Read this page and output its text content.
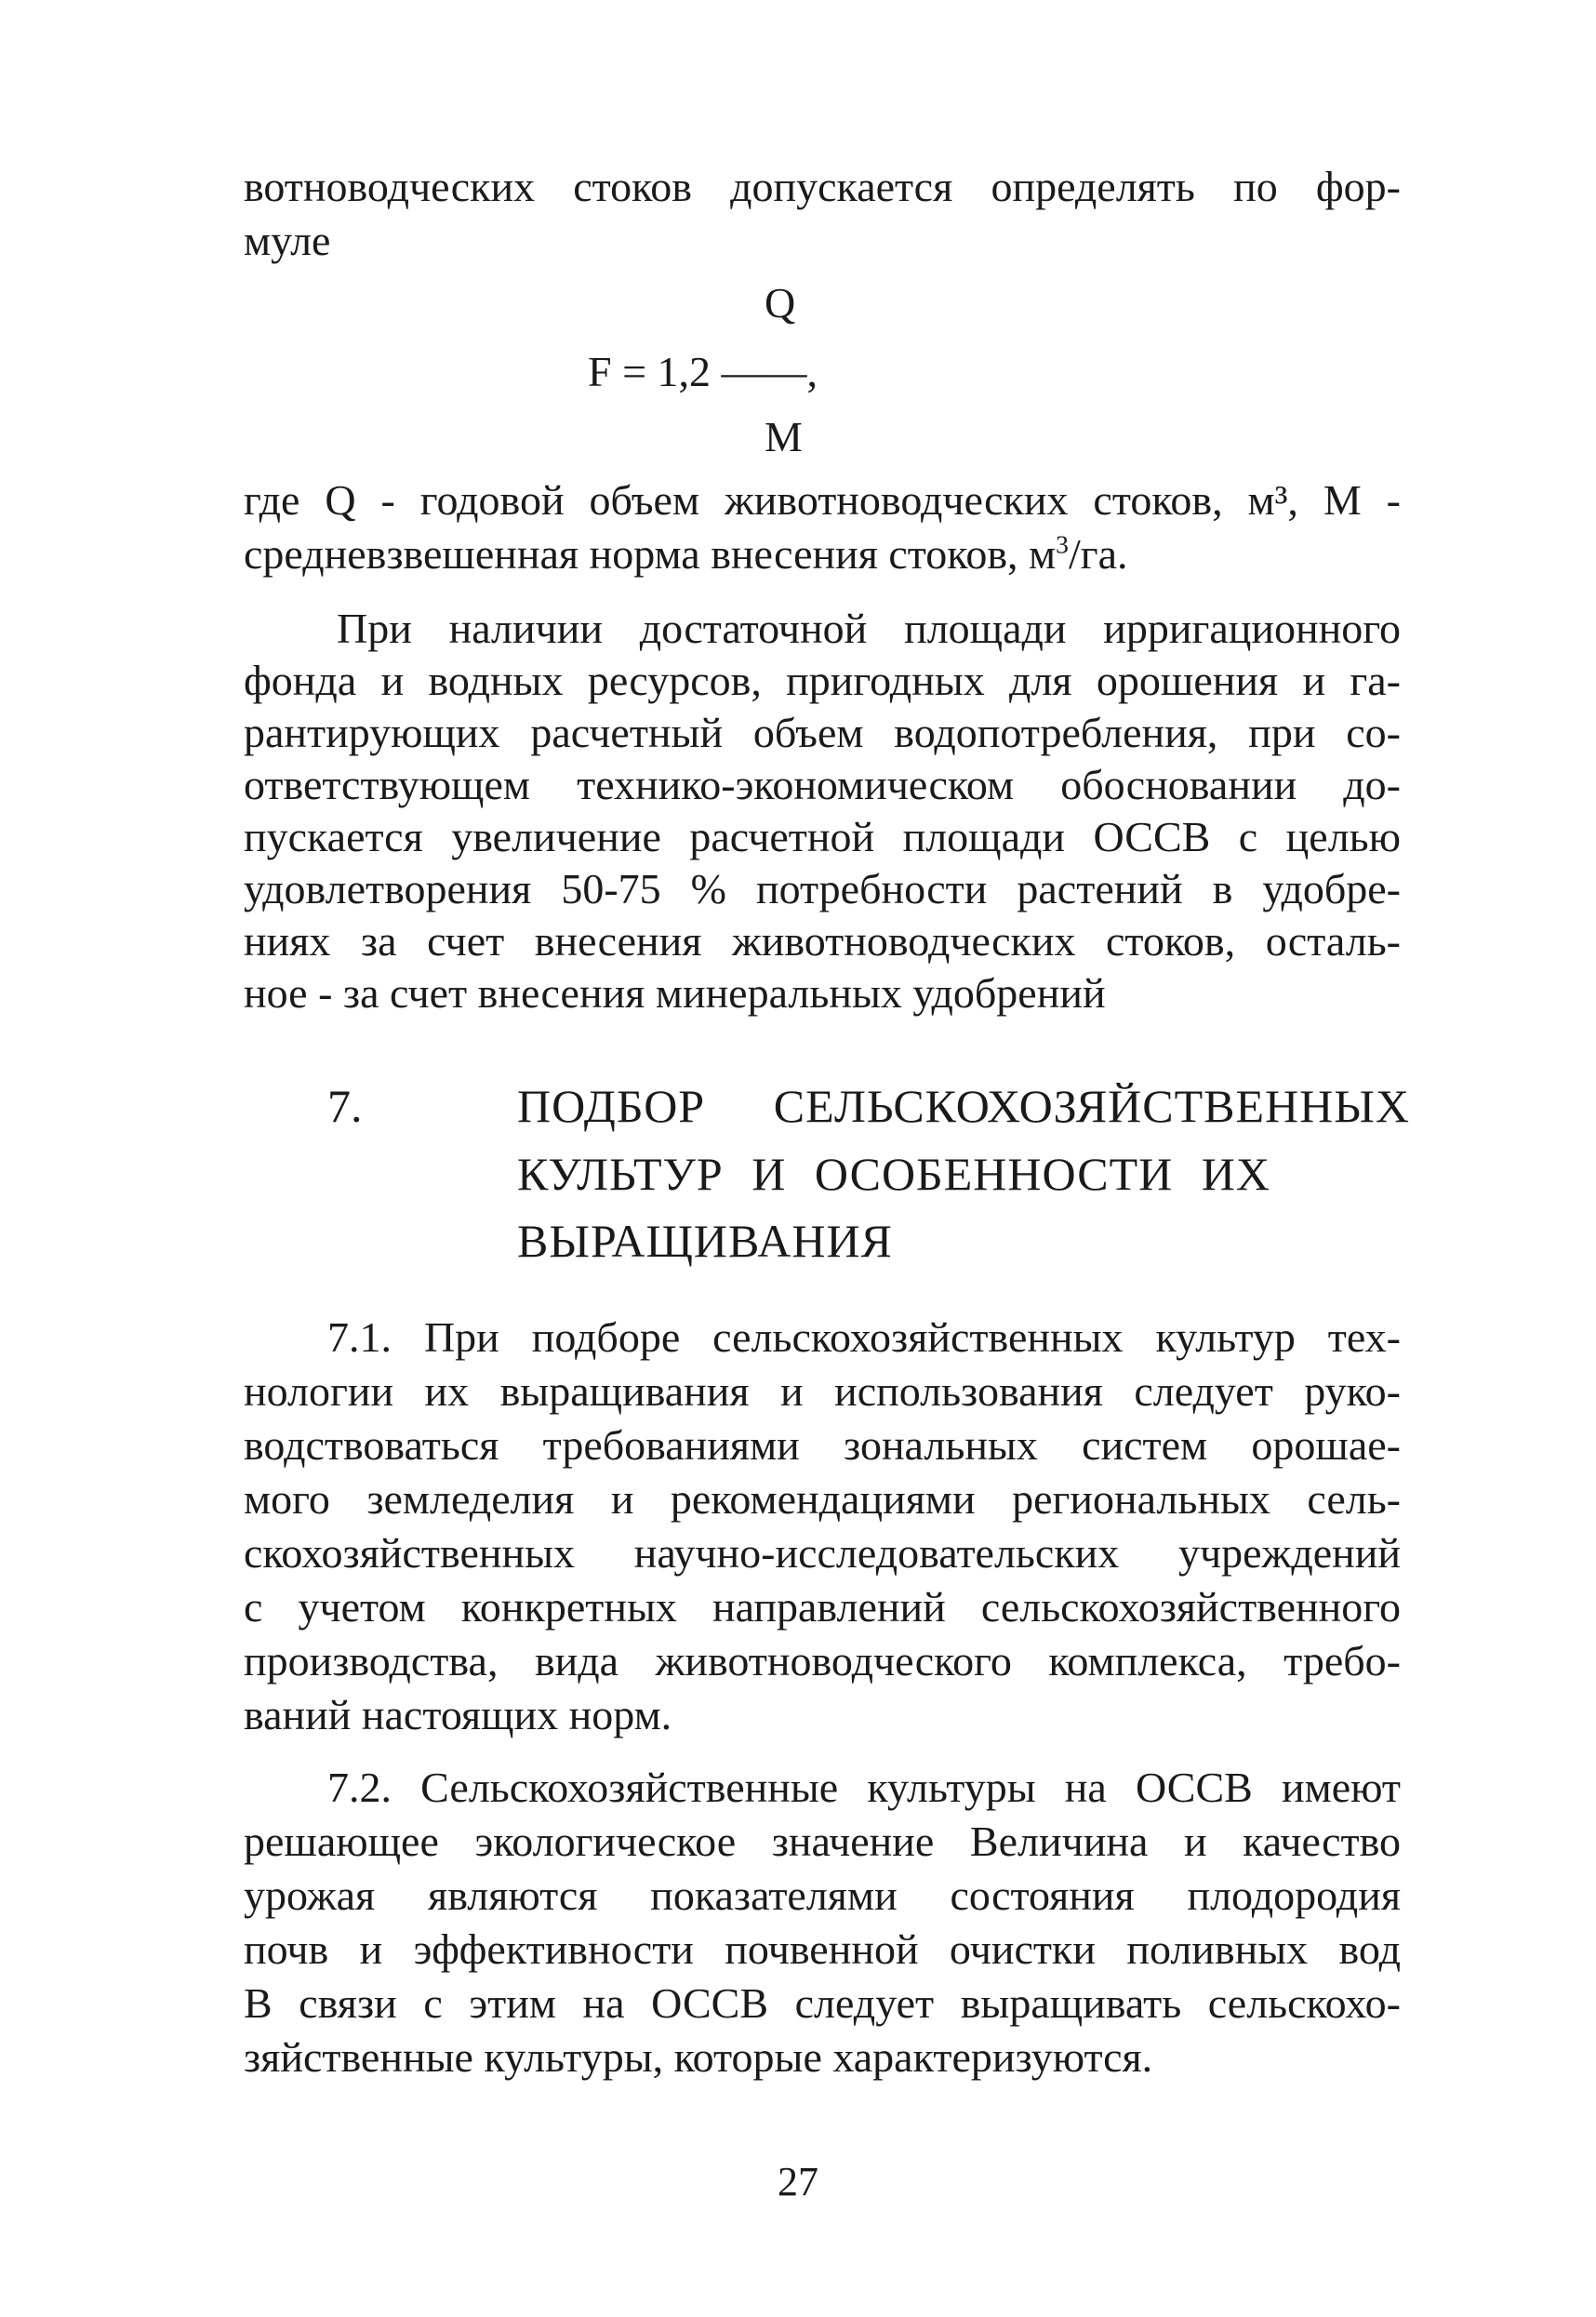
вотноводческих стоков допускается определять по фор-
муле
Q
F = 1,2 ——,
M
где Q - годовой объем животноводческих стоков, м³, M -
средневзвешенная норма внесения стоков, $м^3/га$.
При наличии достаточной площади ирригационного
фонда и водных ресурсов, пригодных для орошения и га-
рантирующих расчетный объем водопотребления, при со-
ответствующем технико-экономическом обосновании до-
пускается увеличение расчетной площади ОССВ с целью
удовлетворения 50-75 % потребности растений в удобре-
ниях за счет внесения животноводческих стоков, осталь-
ное - за счет внесения минеральных удобрений
7.	ПОДБОР СЕЛЬСКОХОЗЯЙСТВЕННЫХ
КУЛЬТУР И ОСОБЕННОСТИ ИХ
ВЫРАЩИВАНИЯ
7.1. При подборе сельскохозяйственных культур тех-
нологии их выращивания и использования следует руко-
водствоваться требованиями зональных систем орошае-
мого земледелия и рекомендациями региональных сель-
скохозяйственных научно-исследовательских учреждений
с учетом конкретных направлений сельскохозяйственного
производства, вида животноводческого комплекса, требо-
ваний настоящих норм.
7.2. Сельскохозяйственные культуры на ОССВ имеют
решающее экологическое значение Величина и качество
урожая являются показателями состояния плодородия
почв и эффективности почвенной очистки поливных вод
В связи с этим на ОССВ следует выращивать сельскохо-
зяйственные культуры, которые характеризуются.
27
